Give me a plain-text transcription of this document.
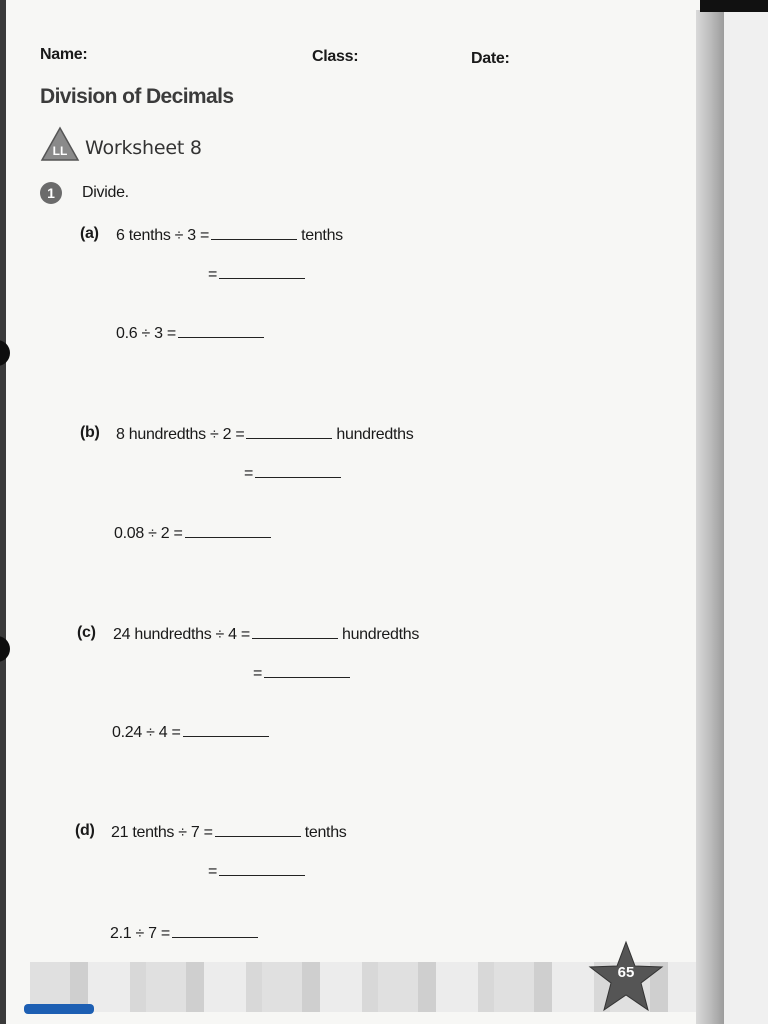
Name:	Class:	Date:
Division of Decimals
LL Worksheet 8
1	Divide.
(a) 6 tenths ÷ 3 =	tenths
=
0.6 ÷ 3 =
(b) 8 hundredths ÷ 2 =	hundredths
=
0.08 ÷ 2 =
(c) 24 hundredths ÷ 4 =	hundredths
=
0.24 ÷ 4 =
(d) 21 tenths ÷ 7 =	tenths
=
2.1 ÷ 7 =
65
